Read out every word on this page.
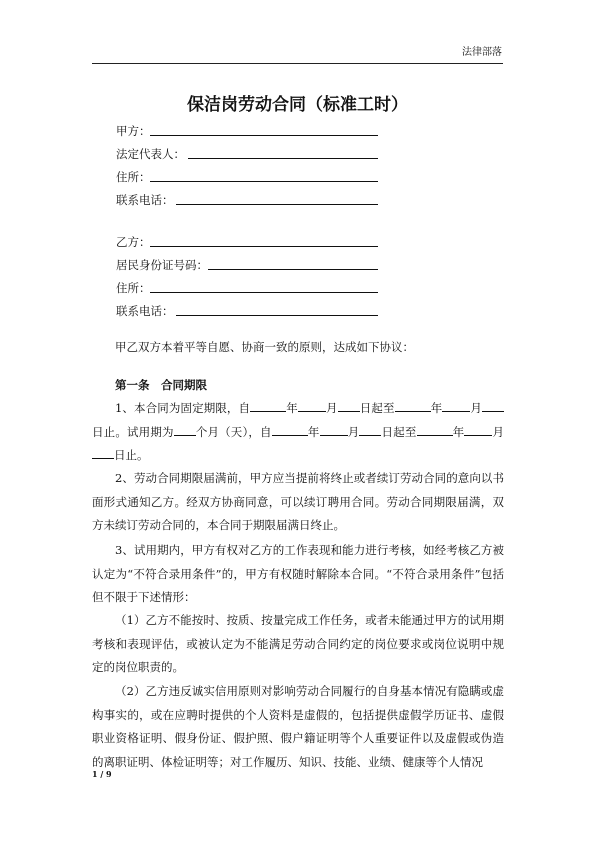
法律部落
保洁岗劳动合同（标准工时）
甲方：
法定代表人：
住所：
联系电话：
乙方：
居民身份证号码：
住所：
联系电话：
甲乙双方本着平等自愿、协商一致的原则，达成如下协议：
第一条　合同期限
1、本合同为固定期限，自	年 月 日起至	年 月日止。试用期为 个月（天），自	年 月 日起至	年 月日止。
2、劳动合同期限届满前，甲方应当提前将终止或者续订劳动合同的意向以书面形式通知乙方。经双方协商同意，可以续订聘用合同。劳动合同期限届满，双方未续订劳动合同的，本合同于期限届满日终止。
3、试用期内，甲方有权对乙方的工作表现和能力进行考核，如经考核乙方被认定为“不符合录用条件”的，甲方有权随时解除本合同。“不符合录用条件”包括但不限于下述情形：
（1）乙方不能按时、按质、按量完成工作任务，或者未能通过甲方的试用期考核和表现评估，或被认定为不能满足劳动合同约定的岗位要求或岗位说明中规定的岗位职责的。
（2）乙方违反诚实信用原则对影响劳动合同履行的自身基本情况有隐瞒或虚构事实的，或在应聘时提供的个人资料是虚假的，包括提供虚假学历证书、虚假职业资格证明、假身份证、假护照、假户籍证明等个人重要证件以及虚假或伪造的离职证明、体检证明等；对工作履历、知识、技能、业绩、健康等个人情况
1 / 9
